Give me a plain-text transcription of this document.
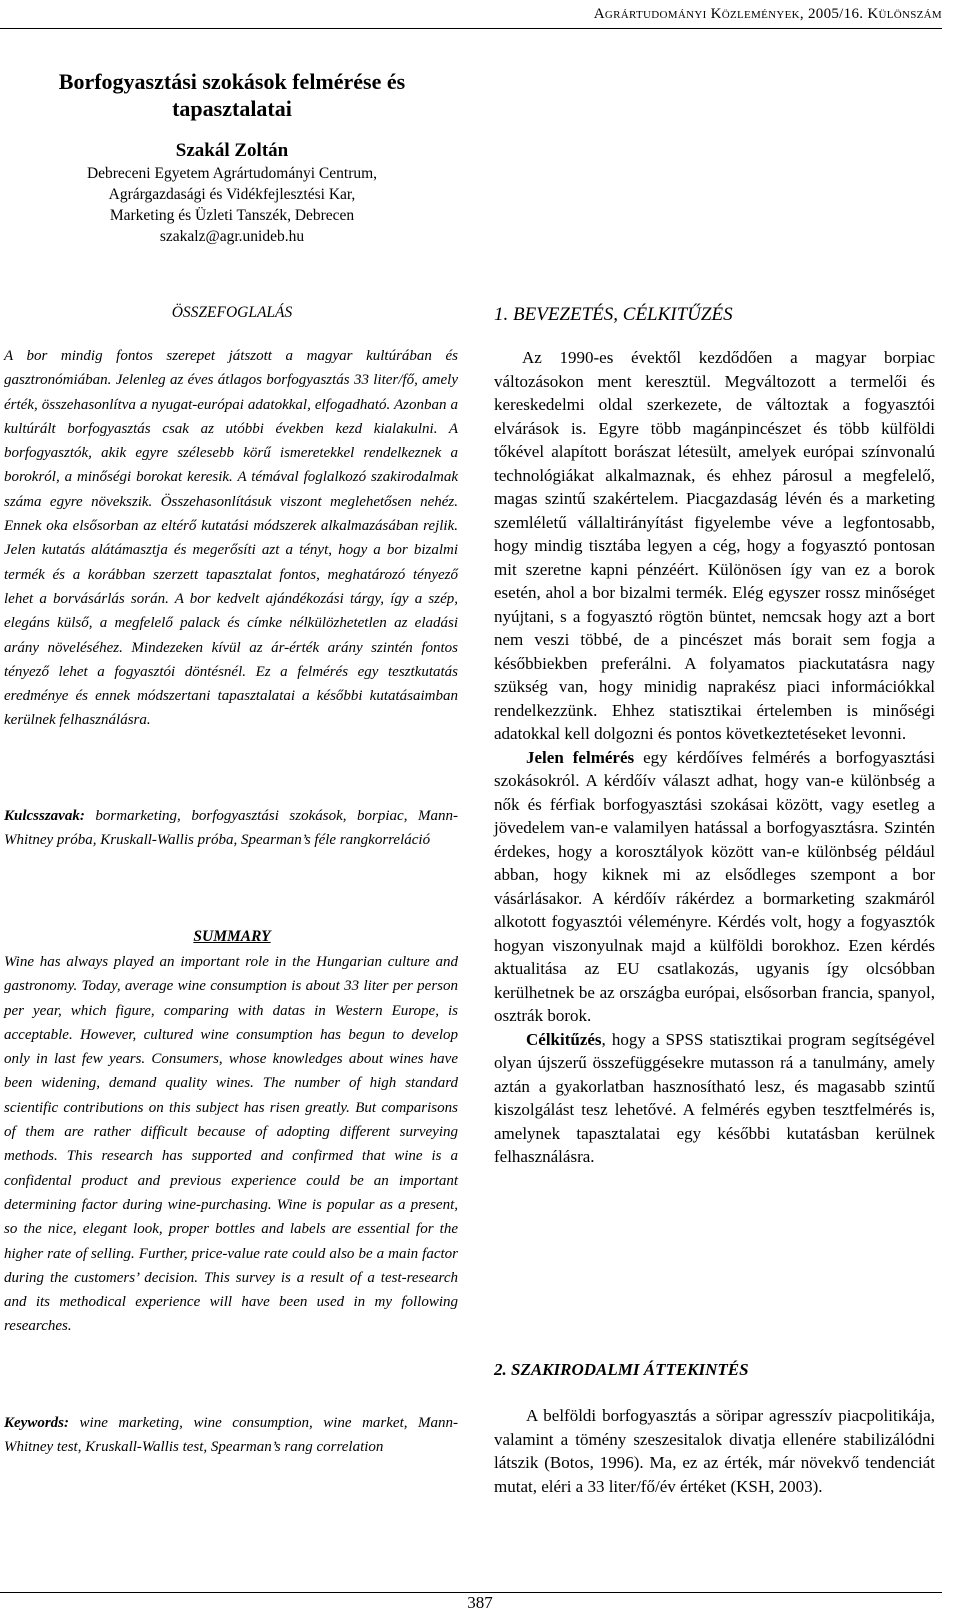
Agrártudományi Közlemények, 2005/16. Különszám
Borfogyasztási szokások felmérése és
tapasztalatai
Szakál Zoltán
Debreceni Egyetem Agrártudományi Centrum,
Agrárgazdasági és Vidékfejlesztési Kar,
Marketing és Üzleti Tanszék, Debrecen
szakalz@agr.unideb.hu
ÖSSZEFOGLALÁS

A bor mindig fontos szerepet játszott a magyar kultúrában és gasztronómiában. Jelenleg az éves átlagos borfogyasztás 33 liter/fő, amely érték, összehasonlítva a nyugat-európai adatokkal, elfogadható. Azonban a kultúrált borfogyasztás csak az utóbbi években kezd kialakulni. A borfogyasztók, akik egyre szélesebb körű ismeretekkel rendelkeznek a borokról, a minőségi borokat keresik. A témával foglalkozó szakirodalmak száma egyre növekszik. Összehasonlításuk viszont meglehetősen nehéz. Ennek oka elsősorban az eltérő kutatási módszerek alkalmazásában rejlik. Jelen kutatás alátámasztja és megerősíti azt a tényt, hogy a bor bizalmi termék és a korábban szerzett tapasztalat fontos, meghatározó tényező lehet a borvásárlás során. A bor kedvelt ajándékozási tárgy, így a szép, elegáns külső, a megfelelő palack és címke nélkülözhetetlen az eladási arány növeléséhez. Mindezeken kívül az ár-érték arány szintén fontos tényező lehet a fogyasztói döntésnél. Ez a felmérés egy tesztkutatás eredménye és ennek módszertani tapasztalatai a későbbi kutatásaimban kerülnek felhasználásra.

Kulcsszavak: bormarketing, borfogyasztási szokások, borpiac, Mann-Whitney próba, Kruskall-Wallis próba, Spearman’s féle rangkorreláció

SUMMARY

Wine has always played an important role in the Hungarian culture and gastronomy. Today, average wine consumption is about 33 liter per person per year, which figure, comparing with datas in Western Europe, is acceptable. However, cultured wine consumption has begun to develop only in last few years. Consumers, whose knowledges about wines have been widening, demand quality wines. The number of high standard scientific contributions on this subject has risen greatly. But comparisons of them are rather difficult because of adopting different surveying methods. This research has supported and confirmed that wine is a confidental product and previous experience could be an important determining factor during wine-purchasing. Wine is popular as a present, so the nice, elegant look, proper bottles and labels are essential for the higher rate of selling. Further, price-value rate could also be a main factor during the customers’ decision. This survey is a result of a test-research and its methodical experience will have been used in my following researches.

Keywords: wine marketing, wine consumption, wine market, Mann-Whitney test, Kruskall-Wallis test, Spearman’s rang correlation

1. BEVEZETÉS, CÉLKITŰZÉS

Az 1990-es évektől kezdődően a magyar borpiac változásokon ment keresztül. Megváltozott a termelői és kereskedelmi oldal szerkezete, de változtak a fogyasztói elvárások is. Egyre több magánpincészet és több külföldi tőkével alapított borászat létesült, amelyek európai színvonalú technológiákat alkalmaznak, és ehhez párosul a megfelelő, magas szintű szakértelem. Piacgazdaság lévén és a marketing szemléletű vállaltirányítást figyelembe véve a legfontosabb, hogy mindig tisztába legyen a cég, hogy a fogyasztó pontosan mit szeretne kapni pénzéért. Különösen így van ez a borok esetén, ahol a bor bizalmi termék. Elég egyszer rossz minőséget nyújtani, s a fogyasztó rögtön büntet, nemcsak hogy azt a bort nem veszi többé, de a pincészet más borait sem fogja a későbbiekben preferálni. A folyamatos piackutatásra nagy szükség van, hogy minidig naprakész piaci információkkal rendelkezzünk. Ehhez statisztikai értelemben is minőségi adatokkal kell dolgozni és pontos következtetéseket levonni.

Jelen felmérés egy kérdőíves felmérés a borfogyasztási szokásokról. A kérdőív választ adhat, hogy van-e különbség a nők és férfiak borfogyasztási szokásai között, vagy esetleg a jövedelem van-e valamilyen hatással a borfogyasztásra. Szintén érdekes, hogy a korosztályok között van-e különbség például abban, hogy kiknek mi az elsődleges szempont a bor vásárlásakor. A kérdőív rákérdez a bormarketing szakmáról alkotott fogyasztói véleményre. Kérdés volt, hogy a fogyasztók hogyan viszonyulnak majd a külföldi borokhoz. Ezen kérdés aktualitása az EU csatlakozás, ugyanis így olcsóbban kerülhetnek be az országba európai, elsősorban francia, spanyol, osztrák borok.

Célkitűzés, hogy a SPSS statisztikai program segítségével olyan újszerű összefüggésekre mutasson rá a tanulmány, amely aztán a gyakorlatban hasznosítható lesz, és magasabb szintű kiszolgálást tesz lehetővé. A felmérés egyben tesztfelmérés is, amelynek tapasztalatai egy későbbi kutatásban kerülnek felhasználásra.

2. SZAKIRODALMI ÁTTEKINTÉS

A belföldi borfogyasztás a söripar agresszív piacpolitikája, valamint a tömény szeszesitalok divatja ellenére stabilizálódni látszik (Botos, 1996). Ma, ez az érték, már növekvő tendenciát mutat, eléri a 33 liter/fő/év értéket (KSH, 2003).

387
